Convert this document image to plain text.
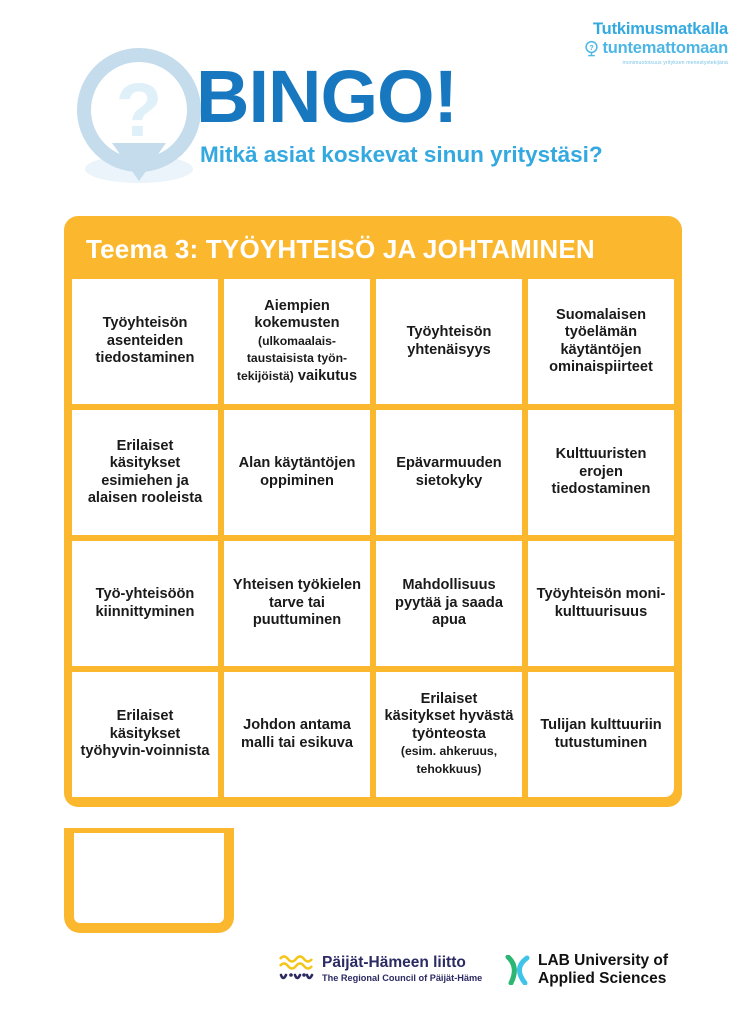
? BINGO!
Mitkä asiat koskevat sinun yritystäsi?
Tutkimusmatkalla
? tuntemattomaan
monimuotoisuus yrityksen menestystekijänä
Teema 3: TYÖYHTEISÖ JA JOHTAMINEN
Työyhteisön asenteiden tiedostaminen
Aiempien kokemusten
(ulkomaalais-taustaisista työn-tekijöistä) vaikutus
Työyhteisön yhtenäisyys
Suomalaisen työelämän käytäntöjen ominaispiirteet
Erilaiset käsitykset esimiehen ja alaisen rooleista
Alan käytäntöjen oppiminen
Epävarmuuden sietokyky
Kulttuuristen erojen tiedostaminen
Työ-yhteisöön kiinnittyminen
Yhteisen työkielen tarve tai puuttuminen
Mahdollisuus pyytää ja saada apua
Työyhteisön moni-kulttuurisuus
Erilaiset käsitykset työhyvin-voinnista
Johdon antama malli tai esikuva
Erilaiset käsitykset hyvästä työnteosta
(esim. ahkeruus, tehokkuus)
Tulijan kulttuuriin tutustuminen
Päijät-Hämeen liitto
The Regional Council of Päijät-Häme
LAB University of
Applied Sciences
